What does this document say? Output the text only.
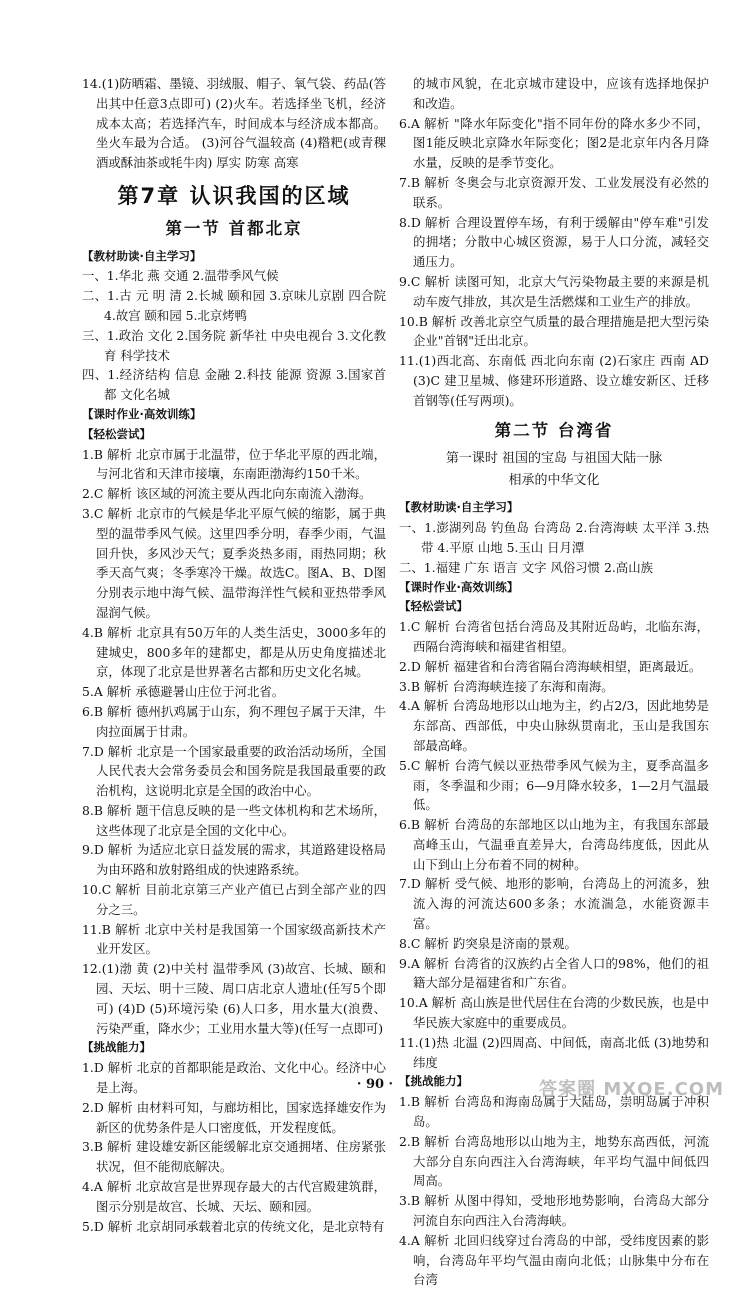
14.(1)防晒霜、墨镜、羽绒服、帽子、氧气袋、药品(答出其中任意3点即可) (2)火车。若选择坐飞机，经济成本太高；若选择汽车，时间成本与经济成本都高。坐火车最为合适。 (3)河谷气温较高 (4)糌粑(或青稞酒或酥油茶或牦牛肉) 厚实 防寒 高寒

第7章 认识我国的区域
第一节 首都北京

【教材助读·自主学习】

一、1.华北 燕 交通 2.温带季风气候

二、1.古 元 明 清 2.长城 颐和园 3.京味儿京剧 四合院 4.故宫 颐和园 5.北京烤鸭

三、1.政治 文化 2.国务院 新华社 中央电视台 3.文化教育 科学技术

四、1.经济结构 信息 金融 2.科技 能源 资源 3.国家首都 文化名城

【课时作业·高效训练】

【轻松尝试】

1.B 解析 北京市属于北温带，位于华北平原的西北端，与河北省和天津市接壤，东南距渤海约150千米。

2.C 解析 该区域的河流主要从西北向东南流入渤海。

3.C 解析 北京市的气候是华北平原气候的缩影，属于典型的温带季风气候。这里四季分明，春季少雨，气温回升快，多风沙天气；夏季炎热多雨，雨热同期；秋季天高气爽；冬季寒冷干燥。故选C。图A、B、D图分别表示地中海气候、温带海洋性气候和亚热带季风湿润气候。

4.B 解析 北京具有50万年的人类生活史，3000多年的建城史，800多年的建都史，都是从历史角度描述北京，体现了北京是世界著名古都和历史文化名城。

5.A 解析 承德避暑山庄位于河北省。

6.B 解析 德州扒鸡属于山东，狗不理包子属于天津，牛肉拉面属于甘肃。

7.D 解析 北京是一个国家最重要的政治活动场所，全国人民代表大会常务委员会和国务院是我国最重要的政治机构，这说明北京是全国的政治中心。

8.B 解析 题干信息反映的是一些文体机构和艺术场所，这些体现了北京是全国的文化中心。

9.D 解析 为适应北京日益发展的需求，其道路建设格局为由环路和放射路组成的快速路系统。

10.C 解析 目前北京第三产业产值已占到全部产业的四分之三。

11.B 解析 北京中关村是我国第一个国家级高新技术产业开发区。

12.(1)渤 黄 (2)中关村 温带季风 (3)故宫、长城、颐和园、天坛、明十三陵、周口店北京人遗址(任写5个即可) (4)D (5)环境污染 (6)人口多，用水量大(浪费、污染严重，降水少；工业用水量大等)(任写一点即可)

【挑战能力】

1.D 解析 北京的首都职能是政治、文化中心。经济中心是上海。

2.D 解析 由材料可知，与廊坊相比，国家选择雄安作为新区的优势条件是人口密度低，开发程度低。

3.B 解析 建设雄安新区能缓解北京交通拥堵、住房紧张状况，但不能彻底解决。

4.A 解析 北京故宫是世界现存最大的古代宫殿建筑群，图示分别是故宫、长城、天坛、颐和园。

5.D 解析 北京胡同承载着北京的传统文化，是北京特有

的城市风貌，在北京城市建设中，应该有选择地保护和改造。

6.A 解析 "降水年际变化"指不同年份的降水多少不同，图1能反映北京降水年际变化；图2是北京年内各月降水量，反映的是季节变化。

7.B 解析 冬奥会与北京资源开发、工业发展没有必然的联系。

8.D 解析 合理设置停车场，有利于缓解由"停车难"引发的拥堵；分散中心城区资源，易于人口分流，减轻交通压力。

9.C 解析 读图可知，北京大气污染物最主要的来源是机动车废气排放，其次是生活燃煤和工业生产的排放。

10.B 解析 改善北京空气质量的最合理措施是把大型污染企业"首钢"迁出北京。

11.(1)西北高、东南低 西北向东南 (2)石家庄 西南 AD (3)C 建卫星城、修建环形道路、设立雄安新区、迁移首钢等(任写两项)。

第二节 台湾省
第一课时 祖国的宝岛 与祖国大陆一脉
相承的中华文化

【教材助读·自主学习】

一、1.澎湖列岛 钓鱼岛 台湾岛 2.台湾海峡 太平洋 3.热带 4.平原 山地 5.玉山 日月潭

二、1.福建 广东 语言 文字 风俗习惯 2.高山族

【课时作业·高效训练】

【轻松尝试】

1.C 解析 台湾省包括台湾岛及其附近岛屿，北临东海，西隔台湾海峡和福建省相望。

2.D 解析 福建省和台湾省隔台湾海峡相望，距离最近。

3.B 解析 台湾海峡连接了东海和南海。

4.A 解析 台湾岛地形以山地为主，约占2/3，因此地势是东部高、西部低，中央山脉纵贯南北，玉山是我国东部最高峰。

5.C 解析 台湾气候以亚热带季风气候为主，夏季高温多雨，冬季温和少雨；6—9月降水较多，1—2月气温最低。

6.B 解析 台湾岛的东部地区以山地为主，有我国东部最高峰玉山，气温垂直差异大，台湾岛纬度低，因此从山下到山上分布着不同的树种。

7.D 解析 受气候、地形的影响，台湾岛上的河流多，独流入海的河流达600多条；水流湍急，水能资源丰富。

8.C 解析 趵突泉是济南的景观。

9.A 解析 台湾省的汉族约占全省人口的98%，他们的祖籍大部分是福建省和广东省。

10.A 解析 高山族是世代居住在台湾的少数民族，也是中华民族大家庭中的重要成员。

11.(1)热 北温 (2)四周高、中间低，南高北低 (3)地势和纬度

【挑战能力】

1.B 解析 台湾岛和海南岛属于大陆岛，崇明岛属于冲积岛。

2.B 解析 台湾岛地形以山地为主，地势东高西低，河流大部分自东向西注入台湾海峡，年平均气温中间低四周高。

3.B 解析 从图中得知，受地形地势影响，台湾岛大部分河流自东向西注入台湾海峡。

4.A 解析 北回归线穿过台湾岛的中部，受纬度因素的影响，台湾岛年平均气温由南向北低；山脉集中分布在台湾

· 90 ·	答案圈 MXQE.COM
